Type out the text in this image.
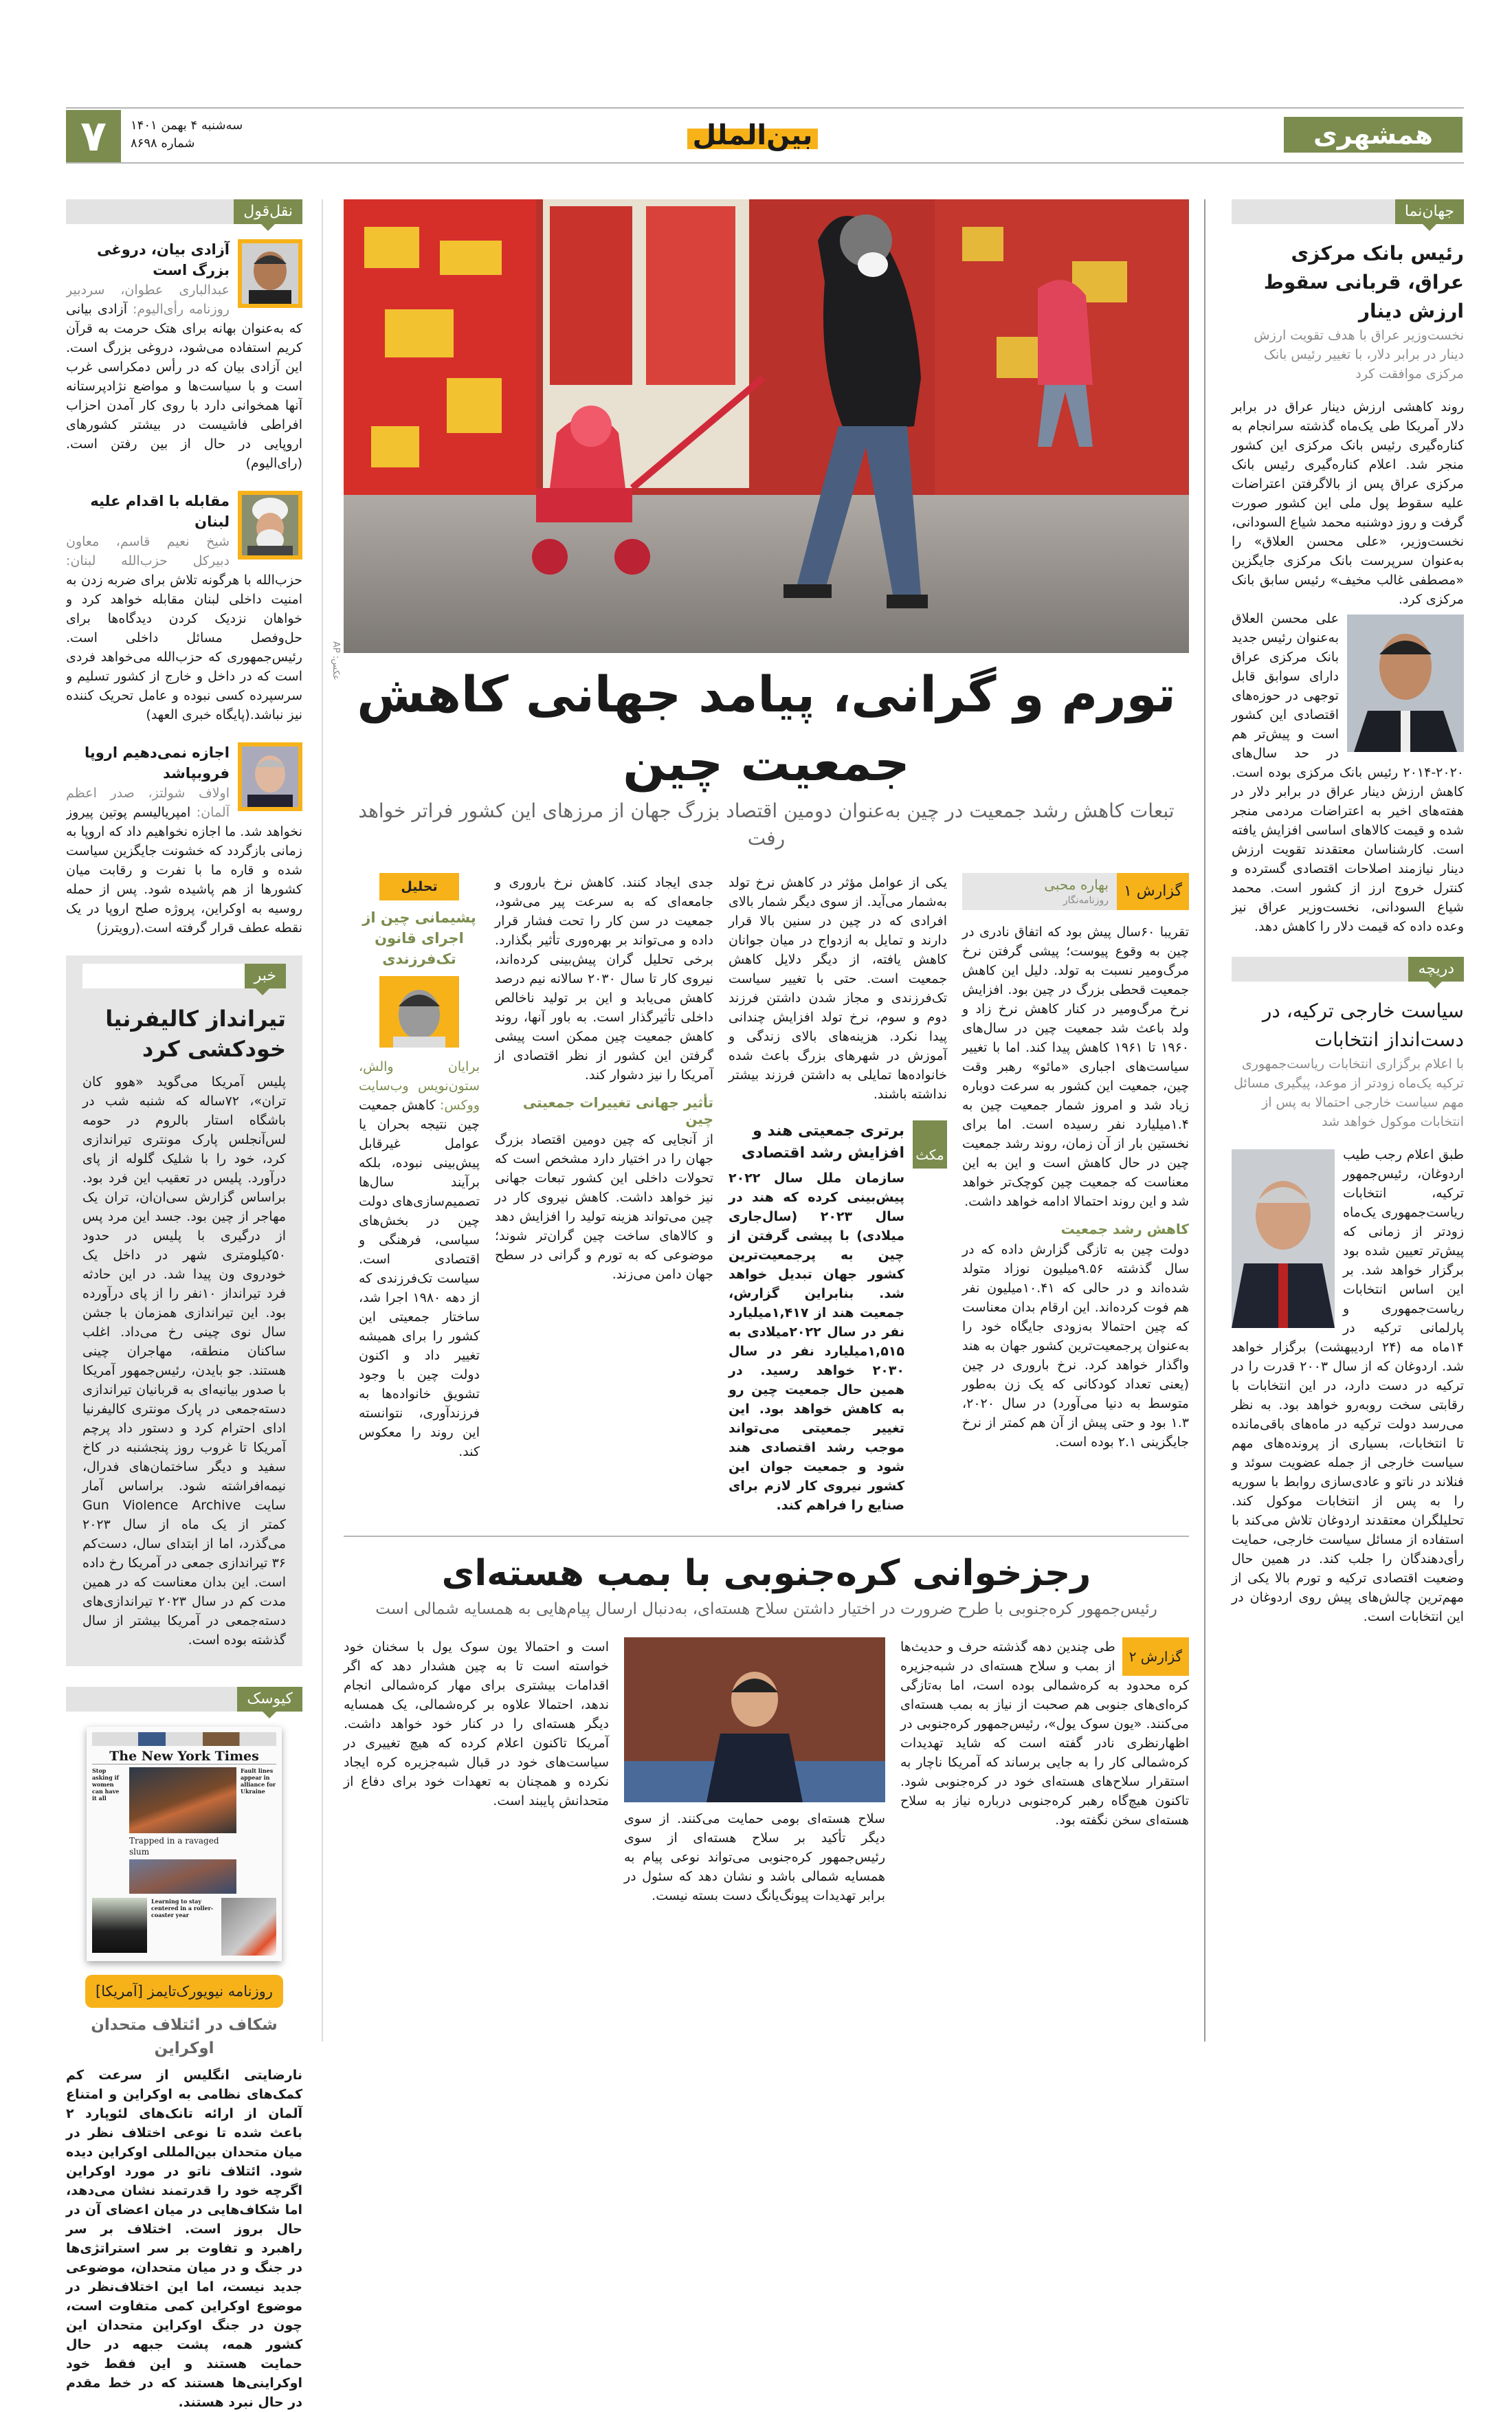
۷	سه‌شنبه ۴ بهمن ۱۴۰۱
شماره ۸۶۹۸	بین‌الملل	همشهری
نقل‌قول
آزادی بیان، دروغی بزرگ است
عبدالباری عطوان، سردبیر روزنامه رأی‌الیوم: آزادی بیانی که به‌عنوان بهانه برای هتک حرمت به قرآن کریم استفاده می‌شود، دروغی بزرگ است. این آزادی بیان که در رأس دمکراسی غرب است و با سیاست‌ها و مواضع نژادپرستانه آنها همخوانی دارد با روی کار آمدن احزاب افراطی فاشیست در بیشتر کشورهای اروپایی در حال از بین رفتن است.(رای‌الیوم)
مقابله با اقدام علیه لبنان
شیخ نعیم قاسم، معاون دبیرکل حزب‌الله لبنان: حزب‌الله با هرگونه تلاش برای ضربه زدن به امنیت داخلی لبنان مقابله خواهد کرد و خواهان نزدیک کردن دیدگاه‌ها برای حل‌وفصل مسائل داخلی است. رئیس‌جمهوری که حزب‌الله می‌خواهد فردی است که در داخل و خارج از کشور تسلیم و سرسپرده کسی نبوده و عامل تحریک کننده نیز نباشد.(پایگاه خبری العهد)
اجازه نمی‌دهیم اروپا فروبپاشد
اولاف شولتز، صدر اعظم آلمان: امپریالیسم پوتین پیروز نخواهد شد. ما اجازه نخواهیم داد که اروپا به زمانی بازگردد که خشونت جایگزین سیاست شده و قاره ما با نفرت و رقابت میان کشورها از هم پاشیده شود. پس از حمله روسیه به اوکراین، پروژه صلح اروپا در یک نقطه عطف قرار گرفته است.(رویترز)
خبر
تیرانداز کالیفرنیا خودکشی کرد
پلیس آمریکا می‌گوید «هوو کان تران»، ۷۲ساله که شنبه شب در باشگاه استار بالروم در حومه لس‌آنجلس پارک مونتری تیراندازی کرد، خود را با شلیک گلوله از پای درآورد. پلیس در تعقیب این فرد بود. براساس گزارش سی‌ان‌ان، تران یک مهاجر از چین بود. جسد این مرد پس از درگیری با پلیس در حدود ۵۰کیلومتری شهر در داخل یک خودروی ون پیدا شد. در این حادثه فرد تیرانداز ۱۰نفر را از پای درآورده بود. این تیراندازی همزمان با جشن سال نوی چینی رخ می‌داد. اغلب ساکنان منطقه، مهاجران چینی هستند. جو بایدن، رئیس‌جمهور آمریکا با صدور بیانیه‌ای به قربانیان تیراندازی دسته‌جمعی در پارک مونتری کالیفرنیا ادای احترام کرد و دستور داد پرچم آمریکا تا غروب روز پنجشنبه در کاخ سفید و دیگر ساختمان‌های فدرال، نیمه‌افراشته شود. براساس آمار سایت Gun Violence Archive کمتر از یک ماه از سال ۲۰۲۳ می‌گذرد، اما از ابتدای سال، دست‌کم ۳۶ تیراندازی جمعی در آمریکا رخ داده است. این بدان معناست که در همین مدت کم در سال ۲۰۲۳ تیراندازی‌های دسته‌جمعی در آمریکا بیشتر از سال گذشته بوده است.
کیوسک
The New York Times
Stop asking if women can have it all
Trapped in a ravaged slum
Fault lines appear in alliance for Ukraine
Learning to stay centered in a roller-coaster year
روزنامه نیویورک‌تایمز [آمریکا]
شکاف در ائتلاف متحدان اوکراین
نارضایتی انگلیس از سرعت کم کمک‌های نظامی به اوکراین و امتناع آلمان از ارائه تانک‌های لئوپارد ۲ باعث شده تا نوعی اختلاف نظر در میان متحدان بین‌المللی اوکراین دیده شود. ائتلاف ناتو در مورد اوکراین اگرچه خود را قدرتمند نشان می‌دهد، اما شکاف‌هایی در میان اعضای آن در حال بروز است. اختلاف بر سر راهبرد و تفاوت بر سر استراتژی‌ها در جنگ و در میان متحدان، موضوعی جدید نیست، اما این اختلاف‌نظر در موضوع اوکراین کمی متفاوت است، چون در جنگ اوکراین متحدان این کشور همه، پشت جبهه در حال حمایت هستند و این فقط خود اوکراینی‌ها هستند که در خط مقدم در حال نبرد هستند.
تورم و گرانی، پیامد جهانی کاهش جمعیت چین
تبعات کاهش رشد جمعیت در چین به‌عنوان دومین اقتصاد بزرگ جهان از مرزهای این کشور فراتر خواهد رفت
گزارش ۱
بهاره محبی
روزنامه‌نگار
تقریبا ۶۰سال پیش بود که اتفاق نادری در چین به وقوع پیوست؛ پیشی گرفتن نرخ مرگ‌ومیر نسبت به تولد. دلیل این کاهش جمعیت قحطی بزرگ در چین بود. افزایش نرخ مرگ‌ومیر در کنار کاهش نرخ زاد و ولد باعث شد جمعیت چین در سال‌های ۱۹۶۰ تا ۱۹۶۱ کاهش پیدا کند. اما با تغییر سیاست‌های اجباری «مائو» رهبر وقت چین، جمعیت این کشور به سرعت دوباره زیاد شد و امروز شمار جمعیت چین به ۱.۴میلیارد نفر رسیده است. اما برای نخستین بار از آن زمان، روند رشد جمعیت چین در حال کاهش است و این به این معناست که جمعیت چین کوچک‌تر خواهد شد و این روند احتمالا ادامه خواهد داشت.
کاهش رشد جمعیت
دولت چین به تازگی گزارش داده که در سال گذشته ۹.۵۶میلیون نوزاد متولد شده‌اند و در حالی که ۱۰.۴۱میلیون نفر هم فوت کرده‌اند. این ارقام بدان معناست که چین احتمالا به‌زودی جایگاه خود را به‌عنوان پرجمعیت‌ترین کشور جهان به هند واگذار خواهد کرد. نرخ باروری در چین (یعنی تعداد کودکانی که یک زن به‌طور متوسط به دنیا می‌آورد) در سال ۲۰۲۰، ۱.۳ بود و حتی پیش از آن هم کمتر از نرخ جایگزینی ۲.۱ بوده است.
یکی از عوامل مؤثر در کاهش نرخ تولد به‌شمار می‌آید. از سوی دیگر شمار بالای افرادی که در چین در سنین بالا قرار دارند و تمایل به ازدواج در میان جوانان کاهش یافته، از دیگر دلایل کاهش جمعیت است. حتی با تغییر سیاست تک‌فرزندی و مجاز شدن داشتن فرزند دوم و سوم، نرخ تولد افزایش چندانی پیدا نکرد. هزینه‌های بالای زندگی و آموزش در شهرهای بزرگ باعث شده خانواده‌ها تمایلی به داشتن فرزند بیشتر نداشته باشند.
مکث
برتری جمعیتی هند و افزایش رشد اقتصادی
سازمان ملل سال ۲۰۲۲ پیش‌بینی کرده که هند در سال ۲۰۲۳ (سال‌جاری میلادی) با پیشی گرفتن از چین به پرجمعیت‌ترین کشور جهان تبدیل خواهد شد. بنابراین گزارش، جمعیت هند از ۱,۴۱۷میلیارد نفر در سال ۲۰۲۲میلادی به ۱,۵۱۵میلیارد نفر در سال ۲۰۳۰ خواهد رسید. در همین حال جمعیت چین رو به کاهش خواهد بود. این تغییر جمعیتی می‌تواند موجب رشد اقتصادی هند شود و جمعیت جوان این کشور نیروی کار لازم برای صنایع را فراهم کند.
جدی ایجاد کنند. کاهش نرخ باروری و جامعه‌ای که به سرعت پیر می‌شود، جمعیت در سن کار را تحت فشار قرار داده و می‌تواند بر بهره‌وری تأثیر بگذارد. برخی تحلیل گران پیش‌بینی کرده‌اند، نیروی کار تا سال ۲۰۳۰ سالانه نیم درصد کاهش می‌یابد و این بر تولید ناخالص داخلی تأثیرگذار است. به باور آنها، روند کاهش جمعیت چین ممکن است پیشی گرفتن این کشور از نظر اقتصادی از آمریکا را نیز دشوار کند.
تأثیر جهانی تغییرات جمعیتی چین
از آنجایی که چین دومین اقتصاد بزرگ جهان را در اختیار دارد مشخص است که تحولات داخلی این کشور تبعات جهانی نیز خواهد داشت. کاهش نیروی کار در چین می‌تواند هزینه تولید را افزایش دهد و کالاهای ساخت چین گران‌تر شوند؛ موضوعی که به تورم و گرانی در سطح جهان دامن می‌زند.
تحلیل
پشیمانی چین از اجرای قانون تک‌فرزندی
برایان والش، ستون‌نویس وب‌سایت ووکس: کاهش جمعیت چین نتیجه بحران یا عوامل غیرقابل پیش‌بینی نبوده، بلکه برآیند سال‌ها تصمیم‌سازی‌های دولت چین در بخش‌های سیاسی، فرهنگی و اقتصادی است. سیاست تک‌فرزندی که از دهه ۱۹۸۰ اجرا شد، ساختار جمعیتی این کشور را برای همیشه تغییر داد و اکنون دولت چین با وجود تشویق خانواده‌ها به فرزندآوری، نتوانسته این روند را معکوس کند.
رجزخوانی کره‌جنوبی با بمب هسته‌ای
رئیس‌جمهور کره‌جنوبی با طرح ضرورت در اختیار داشتن سلاح هسته‌ای، به‌دنبال ارسال پیام‌هایی به همسایه شمالی است
گزارش ۲
طی چندین دهه گذشته حرف و حدیث‌ها از بمب و سلاح هسته‌ای در شبه‌جزیره کره محدود به کره‌شمالی بوده است، اما به‌تازگی کره‌ای‌های جنوبی هم صحبت از نیاز به بمب هسته‌ای می‌کنند. «یون سوک یول»، رئیس‌جمهور کره‌جنوبی در اظهارنظری نادر گفته است که شاید تهدیدات کره‌شمالی کار را به جایی برساند که آمریکا ناچار به استقرار سلاح‌های هسته‌ای خود در کره‌جنوبی شود. تاکنون هیچ‌گاه رهبر کره‌جنوبی درباره نیاز به سلاح هسته‌ای سخن نگفته بود.
سلاح هسته‌ای بومی حمایت می‌کنند. از سوی دیگر تأکید بر سلاح هسته‌ای از سوی رئیس‌جمهور کره‌جنوبی می‌تواند نوعی پیام به همسایه شمالی باشد و نشان دهد که سئول در برابر تهدیدات پیونگ‌یانگ دست بسته نیست.
است و احتمالا یون سوک یول با سخنان خود خواسته است تا به چین هشدار دهد که اگر اقدامات بیشتری برای مهار کره‌شمالی انجام ندهد، احتمالا علاوه بر کره‌شمالی، یک همسایه دیگر هسته‌ای را در کنار خود خواهد داشت. آمریکا تاکنون اعلام کرده که هیچ تغییری در سیاست‌های خود در قبال شبه‌جزیره کره ایجاد نکرده و همچنان به تعهدات خود برای دفاع از متحدانش پایبند است.
عکس: AP
جهان‌نما
رئیس بانک مرکزی عراق، قربانی سقوط ارزش دینار
نخست‌وزیر عراق با هدف تقویت ارزش دینار در برابر دلار، با تغییر رئیس بانک مرکزی موافقت کرد
روند کاهشی ارزش دینار عراق در برابر دلار آمریکا طی یک‌ماه گذشته سرانجام به کناره‌گیری رئیس بانک مرکزی این کشور منجر شد. اعلام کناره‌گیری رئیس بانک مرکزی عراق پس از بالاگرفتن اعتراضات علیه سقوط پول ملی این کشور صورت گرفت و روز دوشنبه محمد شیاع السودانی، نخست‌وزیر، «علی محسن العلاق» را به‌عنوان سرپرست بانک مرکزی جایگزین «مصطفی غالب مخیف» رئیس سابق بانک مرکزی کرد.
علی محسن العلاق به‌عنوان رئیس جدید بانک مرکزی عراق دارای سوابق قابل توجهی در حوزه‌های اقتصادی این کشور است و پیش‌تر هم در حد سال‌های ۲۰۲۰-۲۰۱۴ رئیس بانک مرکزی بوده است. کاهش ارزش دینار عراق در برابر دلار در هفته‌های اخیر به اعتراضات مردمی منجر شده و قیمت کالاهای اساسی افزایش یافته است. کارشناسان معتقدند تقویت ارزش دینار نیازمند اصلاحات اقتصادی گسترده و کنترل خروج ارز از کشور است. محمد شیاع السودانی، نخست‌وزیر عراق نیز وعده داده که قیمت دلار را کاهش دهد.
دریچه
سیاست خارجی ترکیه، در دست‌انداز انتخابات
با اعلام برگزاری انتخابات ریاست‌جمهوری ترکیه یک‌ماه زودتر از موعد، پیگیری مسائل مهم سیاست خارجی احتمالا به پس از انتخابات موکول خواهد شد
طبق اعلام رجب طیب اردوغان، رئیس‌جمهور ترکیه، انتخابات ریاست‌جمهوری یک‌ماه زودتر از زمانی که پیش‌تر تعیین شده بود برگزار خواهد شد. بر این اساس انتخابات ریاست‌جمهوری و پارلمانی ترکیه در ۱۴ماه مه (۲۴ اردیبهشت) برگزار خواهد شد. اردوغان که از سال ۲۰۰۳ قدرت را در ترکیه در دست دارد، در این انتخابات با رقابتی سخت روبه‌رو خواهد بود. به نظر می‌رسد دولت ترکیه در ماه‌های باقی‌مانده تا انتخابات، بسیاری از پرونده‌های مهم سیاست خارجی از جمله عضویت سوئد و فنلاند در ناتو و عادی‌سازی روابط با سوریه را به پس از انتخابات موکول کند. تحلیلگران معتقدند اردوغان تلاش می‌کند با استفاده از مسائل سیاست خارجی، حمایت رأی‌دهندگان را جلب کند. در همین حال وضعیت اقتصادی ترکیه و تورم بالا یکی از مهم‌ترین چالش‌های پیش روی اردوغان در این انتخابات است.
